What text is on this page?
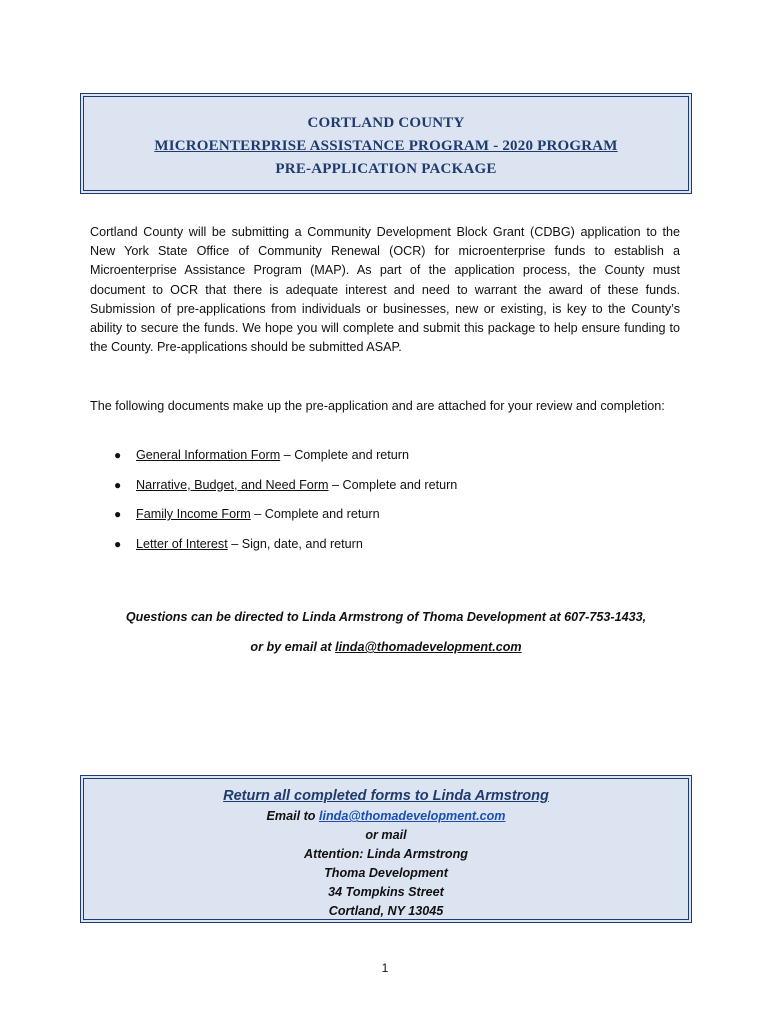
CORTLAND COUNTY
MICROENTERPRISE ASSISTANCE PROGRAM - 2020 PROGRAM
PRE-APPLICATION PACKAGE

Cortland County will be submitting a Community Development Block Grant (CDBG) application to the New York State Office of Community Renewal (OCR) for microenterprise funds to establish a Microenterprise Assistance Program (MAP). As part of the application process, the County must document to OCR that there is adequate interest and need to warrant the award of these funds. Submission of pre-applications from individuals or businesses, new or existing, is key to the County’s ability to secure the funds. We hope you will complete and submit this package to help ensure funding to the County. Pre-applications should be submitted ASAP.

The following documents make up the pre-application and are attached for your review and completion:

● General Information Form – Complete and return
● Narrative, Budget, and Need Form – Complete and return
● Family Income Form – Complete and return
● Letter of Interest – Sign, date, and return

Questions can be directed to Linda Armstrong of Thoma Development at 607-753-1433,

or by email at linda@thomadevelopment.com

Return all completed forms to Linda Armstrong
Email to linda@thomadevelopment.com
or mail
Attention: Linda Armstrong
Thoma Development
34 Tompkins Street
Cortland, NY 13045
1
